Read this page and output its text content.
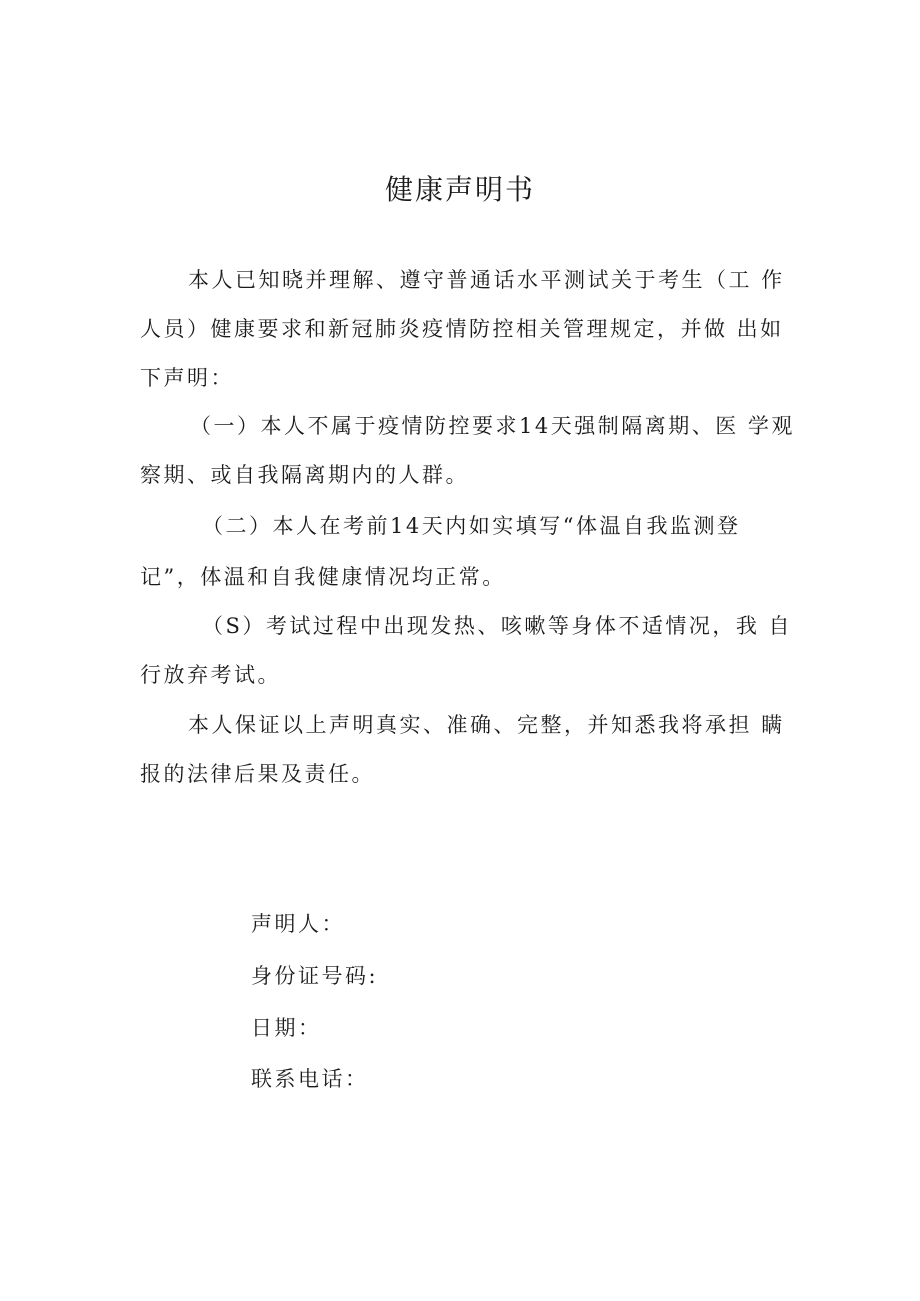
健康声明书
本人已知晓并理解、遵守普通话水平测试关于考生（工 作
人员）健康要求和新冠肺炎疫情防控相关管理规定，并做 出如
下声明：
（一）本人不属于疫情防控要求14天强制隔离期、医 学观
察期、或自我隔离期内的人群。
（二）本人在考前14天内如实填写“体温自我监测登
记”，体温和自我健康情况均正常。
（S）考试过程中出现发热、咳嗽等身体不适情况，我 自
行放弃考试。
本人保证以上声明真实、准确、完整，并知悉我将承担 瞒
报的法律后果及责任。
声明人：
身份证号码:
日期：
联系电话：
